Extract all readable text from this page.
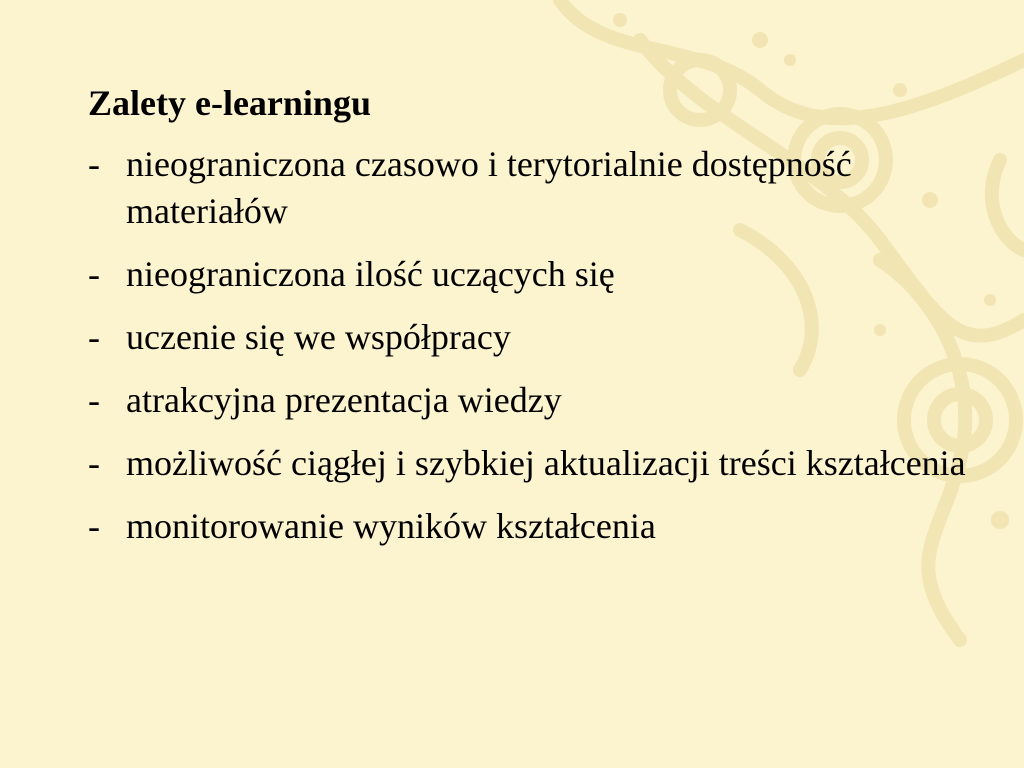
Zalety e-learningu
- nieograniczona czasowo i terytorialnie dostępność materiałów
- nieograniczona ilość uczących się
- uczenie się we współpracy
- atrakcyjna prezentacja wiedzy
- możliwość ciągłej i szybkiej aktualizacji treści kształcenia
- monitorowanie wyników kształcenia
